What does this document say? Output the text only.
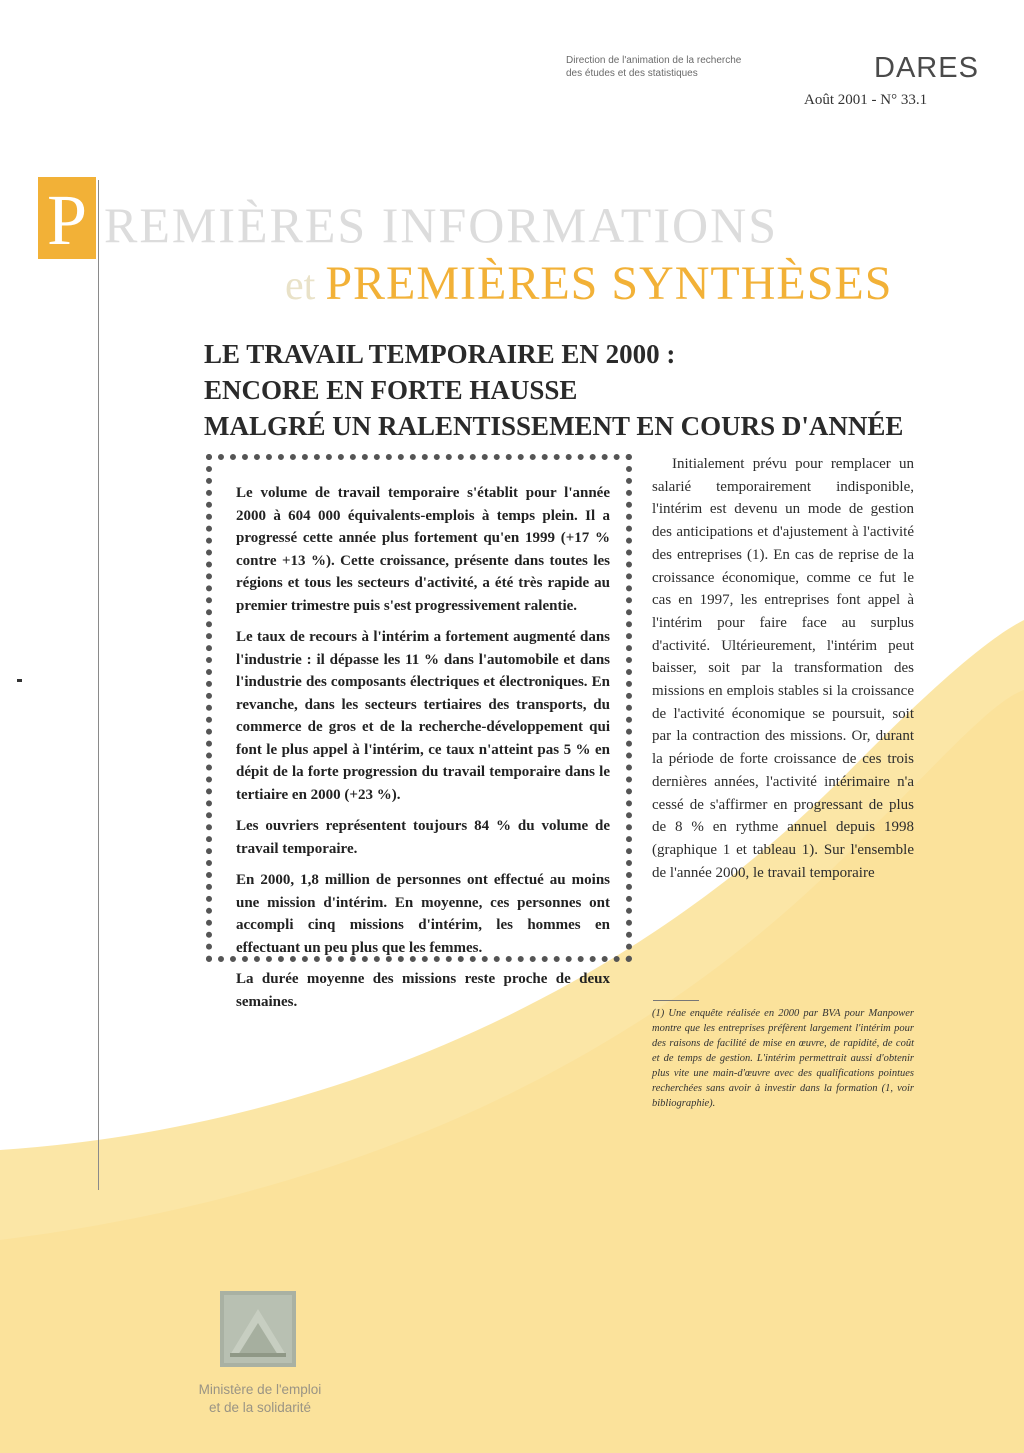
Direction de l'animation de la recherche
des études et des statistiques	DARES
Août 2001 - N° 33.1
P REMIÈRES INFORMATIONS
et PREMIÈRES SYNTHÈSES
LE TRAVAIL TEMPORAIRE EN 2000 :
ENCORE EN FORTE HAUSSE
MALGRÉ UN RALENTISSEMENT EN COURS D'ANNÉE

Le volume de travail temporaire s'établit pour l'année 2000 à 604 000 équivalents-emplois à temps plein. Il a progressé cette année plus fortement qu'en 1999 (+17 % contre +13 %). Cette croissance, présente dans toutes les régions et tous les secteurs d'activité, a été très rapide au premier trimestre puis s'est progressivement ralentie.

Le taux de recours à l'intérim a fortement augmenté dans l'industrie : il dépasse les 11 % dans l'automobile et dans l'industrie des composants électriques et électroniques. En revanche, dans les secteurs tertiaires des transports, du commerce de gros et de la recherche-développement qui font le plus appel à l'intérim, ce taux n'atteint pas 5 % en dépit de la forte progression du travail temporaire dans le tertiaire en 2000 (+23 %).

Les ouvriers représentent toujours 84 % du volume de travail temporaire.

En 2000, 1,8 million de personnes ont effectué au moins une mission d'intérim. En moyenne, ces personnes ont accompli cinq missions d'intérim, les hommes en effectuant un peu plus que les femmes.

La durée moyenne des missions reste proche de deux semaines.

Initialement prévu pour remplacer un salarié temporairement indisponible, l'intérim est devenu un mode de gestion des anticipations et d'ajustement à l'activité des entreprises (1). En cas de reprise de la croissance économique, comme ce fut le cas en 1997, les entreprises font appel à l'intérim pour faire face au surplus d'activité. Ultérieurement, l'intérim peut baisser, soit par la transformation des missions en emplois stables si la croissance de l'activité économique se poursuit, soit par la contraction des missions. Or, durant la période de forte croissance de ces trois dernières années, l'activité intérimaire n'a cessé de s'affirmer en progressant de plus de 8 % en rythme annuel depuis 1998 (graphique 1 et tableau 1). Sur l'ensemble de l'année 2000, le travail temporaire

(1) Une enquête réalisée en 2000 par BVA pour Manpower montre que les entreprises préfèrent largement l'intérim pour des raisons de facilité de mise en œuvre, de rapidité, de coût et de temps de gestion. L'intérim permettrait aussi d'obtenir plus vite une main-d'œuvre avec des qualifications pointues recherchées sans avoir à investir dans la formation (1, voir bibliographie).
Ministère de l'emploi
et de la solidarité
